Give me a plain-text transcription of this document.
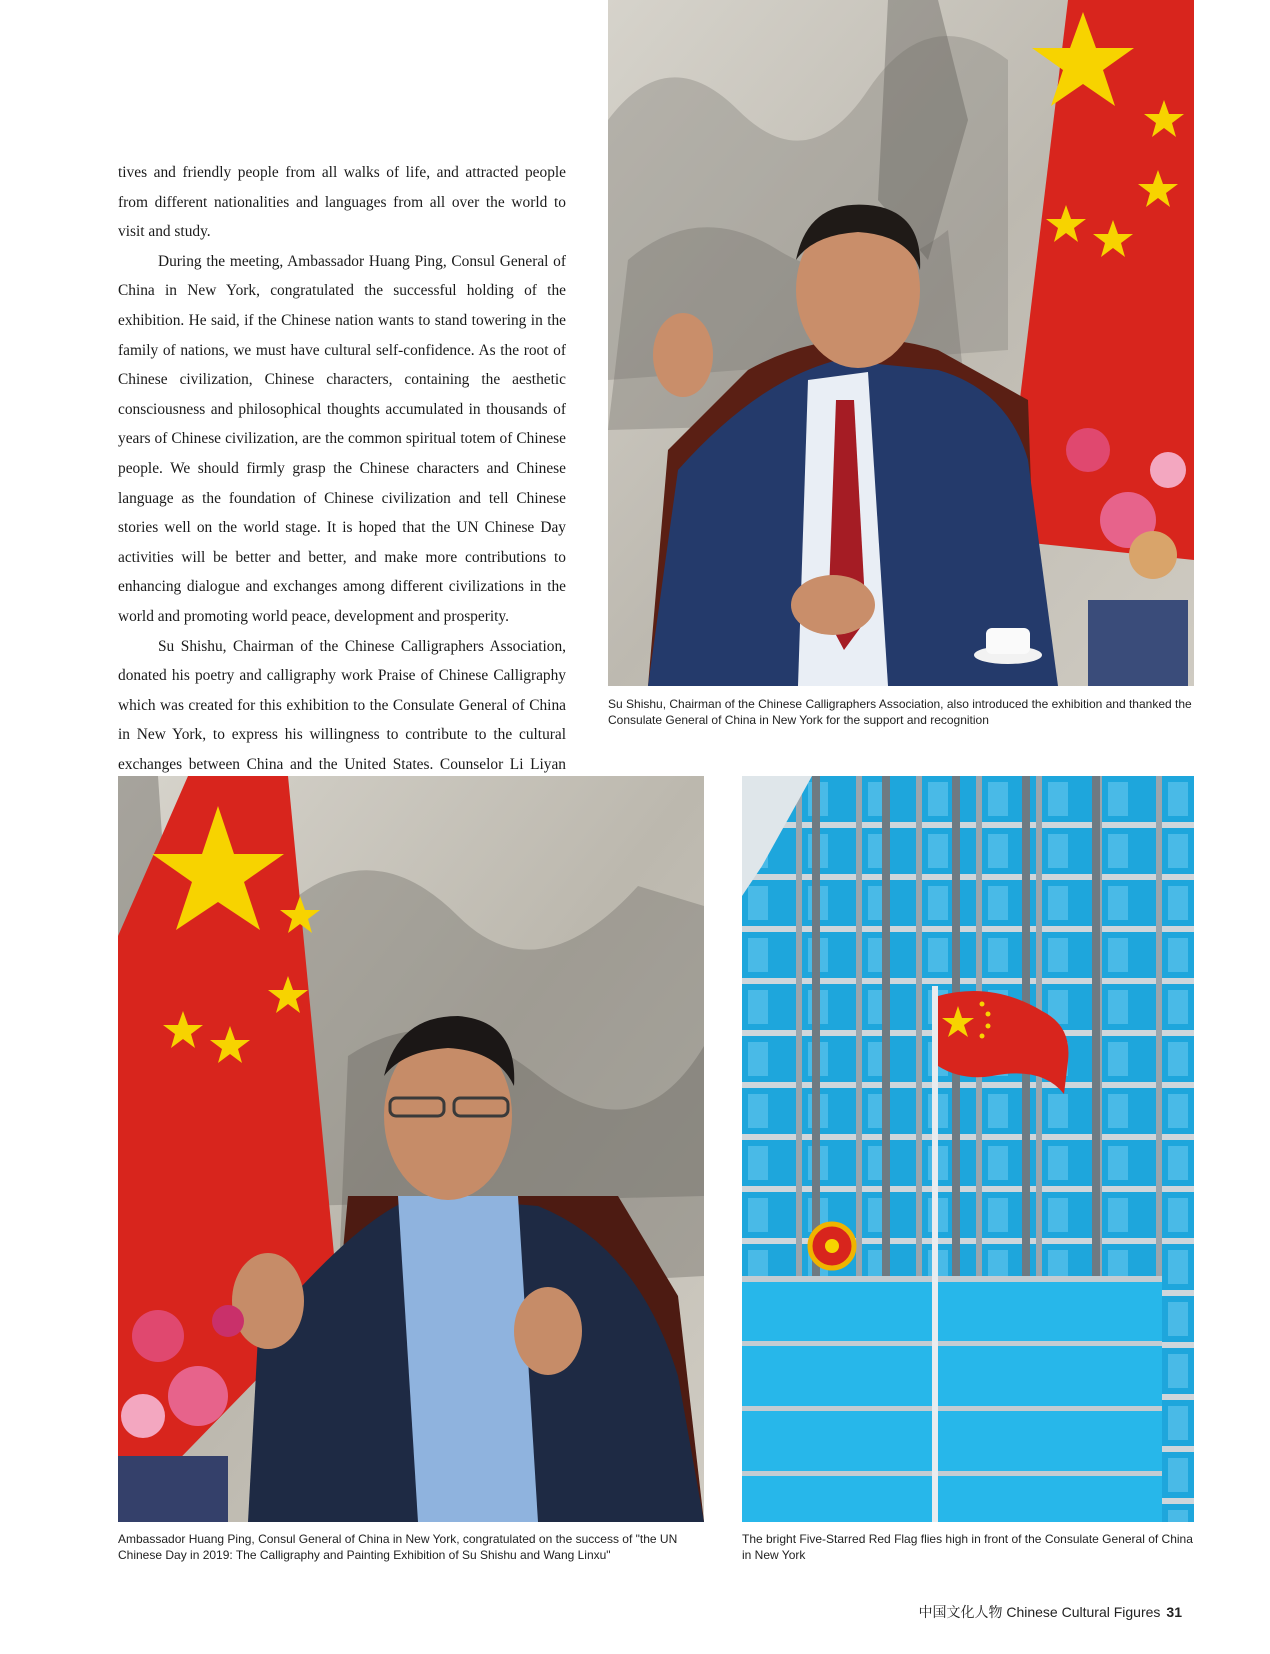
tives and friendly people from all walks of life, and attracted people from different nationalities and languages from all over the world to visit and study.

During the meeting, Ambassador Huang Ping, Consul General of China in New York, congratulated the successful holding of the exhibition. He said, if the Chinese nation wants to stand towering in the family of nations, we must have cultural self-confidence. As the root of Chinese civilization, Chinese characters, containing the aesthetic consciousness and philosophical thoughts accumulated in thousands of years of Chinese civilization, are the common spiritual totem of Chinese people. We should firmly grasp the Chinese characters and Chinese language as the foundation of Chinese civilization and tell Chinese stories well on the world stage. It is hoped that the UN Chinese Day activities will be better and better, and make more contributions to enhancing dialogue and exchanges among different civilizations in the world and promoting world peace, development and prosperity.

Su Shishu, Chairman of the Chinese Calligraphers Association, donated his poetry and calligraphy work Praise of Chinese Calligraphy which was created for this exhibition to the Consulate General of China in New York, to express his willingness to contribute to the cultural exchanges between China and the United States. Counselor Li Liyan

Su Shishu, Chairman of the Chinese Calligraphers Association, also introduced the exhibition and thanked the Consulate General of China in New York for the support and recognition

Ambassador Huang Ping, Consul General of China in New York, congratulated on the success of "the UN Chinese Day in 2019: The Calligraphy and Painting Exhibition of Su Shishu and Wang Linxu"

The bright Five-Starred Red Flag flies high in front of the Consulate General of China in New York

中国文化人物 Chinese Cultural Figures 31
